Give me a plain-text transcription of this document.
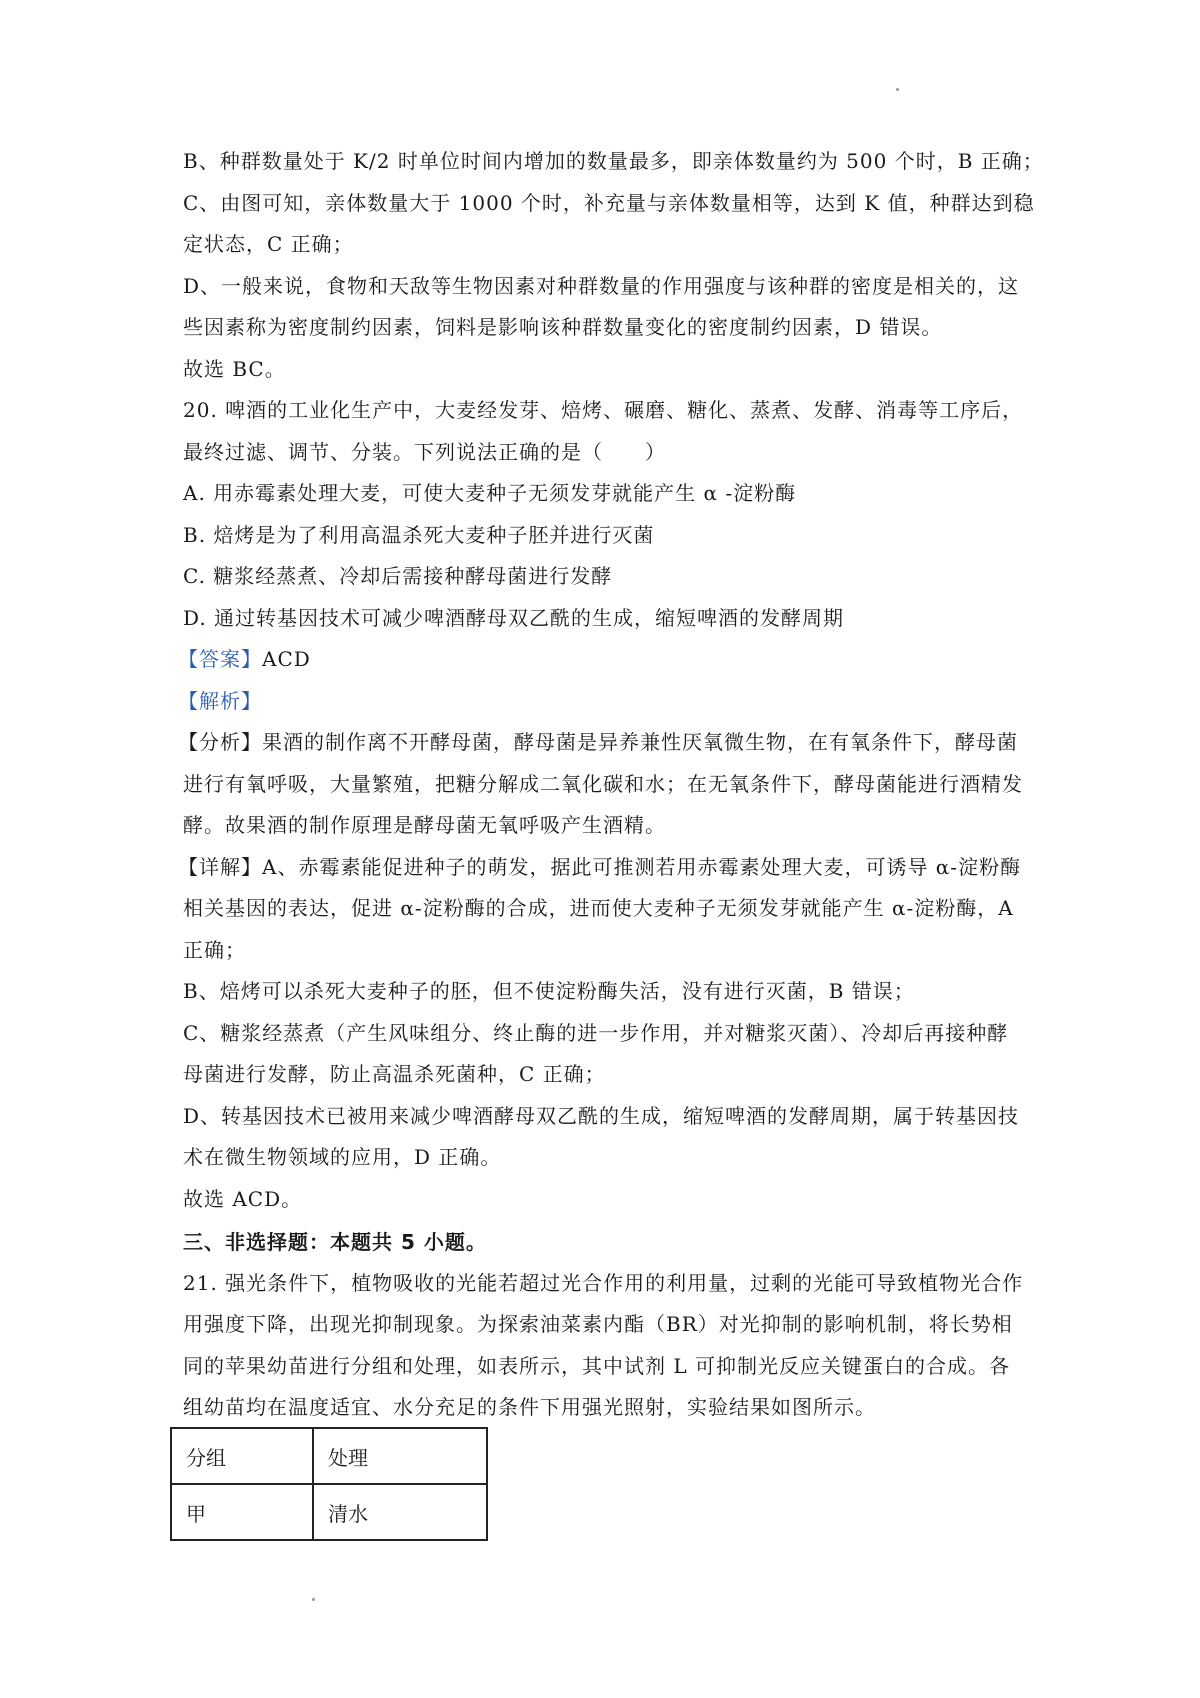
B、种群数量处于 K/2 时单位时间内增加的数量最多，即亲体数量约为 500 个时，B 正确；
C、由图可知，亲体数量大于 1000 个时，补充量与亲体数量相等，达到 K 值，种群达到稳
定状态，C 正确；
D、一般来说，食物和天敌等生物因素对种群数量的作用强度与该种群的密度是相关的，这
些因素称为密度制约因素，饲料是影响该种群数量变化的密度制约因素，D 错误。
故选 BC。
20. 啤酒的工业化生产中，大麦经发芽、焙烤、碾磨、糖化、蒸煮、发酵、消毒等工序后，
最终过滤、调节、分装。下列说法正确的是（　　）
A. 用赤霉素处理大麦，可使大麦种子无须发芽就能产生 α -淀粉酶
B. 焙烤是为了利用高温杀死大麦种子胚并进行灭菌
C. 糖浆经蒸煮、冷却后需接种酵母菌进行发酵
D. 通过转基因技术可减少啤酒酵母双乙酰的生成，缩短啤酒的发酵周期
【答案】ACD
【解析】
【分析】果酒的制作离不开酵母菌，酵母菌是异养兼性厌氧微生物，在有氧条件下，酵母菌
进行有氧呼吸，大量繁殖，把糖分解成二氧化碳和水；在无氧条件下，酵母菌能进行酒精发
酵。故果酒的制作原理是酵母菌无氧呼吸产生酒精。
【详解】A、赤霉素能促进种子的萌发，据此可推测若用赤霉素处理大麦，可诱导 α-淀粉酶
相关基因的表达，促进 α-淀粉酶的合成，进而使大麦种子无须发芽就能产生 α-淀粉酶，A
正确；
B、焙烤可以杀死大麦种子的胚，但不使淀粉酶失活，没有进行灭菌，B 错误；
C、糖浆经蒸煮（产生风味组分、终止酶的进一步作用，并对糖浆灭菌）、冷却后再接种酵
母菌进行发酵，防止高温杀死菌种，C 正确；
D、转基因技术已被用来减少啤酒酵母双乙酰的生成，缩短啤酒的发酵周期，属于转基因技
术在微生物领域的应用，D 正确。
故选 ACD。
三、非选择题：本题共 5 小题。
21. 强光条件下，植物吸收的光能若超过光合作用的利用量，过剩的光能可导致植物光合作
用强度下降，出现光抑制现象。为探索油菜素内酯（BR）对光抑制的影响机制，将长势相
同的苹果幼苗进行分组和处理，如表所示，其中试剂 L 可抑制光反应关键蛋白的合成。各
组幼苗均在温度适宜、水分充足的条件下用强光照射，实验结果如图所示。
分组	处理
甲	清水
